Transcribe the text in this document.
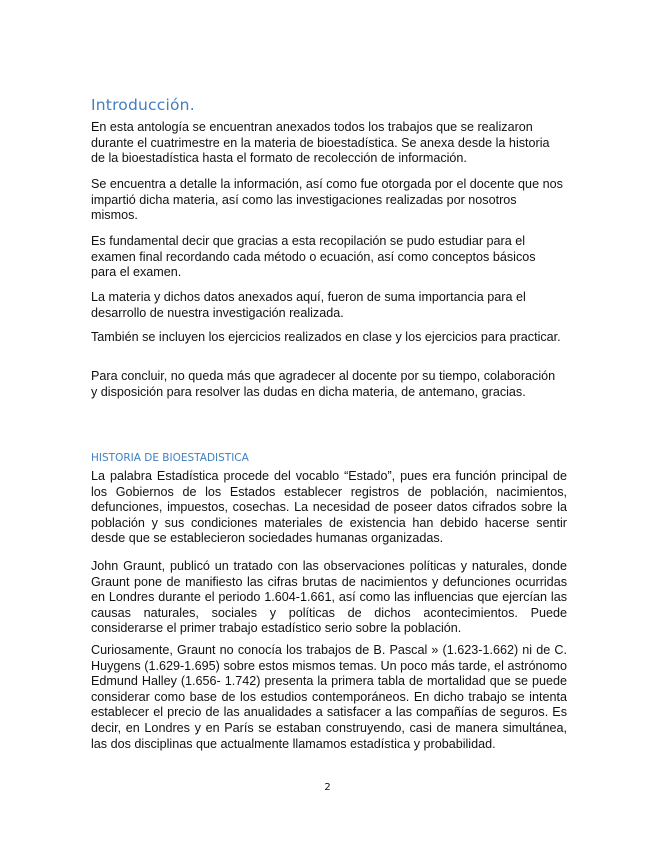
Introducción.

En esta antología se encuentran anexados todos los trabajos que se realizaron durante el cuatrimestre en la materia de bioestadística. Se anexa desde la historia de la bioestadística hasta el formato de recolección de información.

Se encuentra a detalle la información, así como fue otorgada por el docente que nos impartió dicha materia, así como las investigaciones realizadas por nosotros mismos.

Es fundamental decir que gracias a esta recopilación se pudo estudiar para el examen final recordando cada método o ecuación, así como conceptos básicos para el examen.

La materia y dichos datos anexados aquí, fueron de suma importancia para el desarrollo de nuestra investigación realizada.

También se incluyen los ejercicios realizados en clase y los ejercicios para practicar.

Para concluir, no queda más que agradecer al docente por su tiempo, colaboración y disposición para resolver las dudas en dicha materia, de antemano, gracias.

HISTORIA DE BIOESTADISTICA

La palabra Estadística procede del vocablo “Estado”, pues era función principal de los Gobiernos de los Estados establecer registros de población, nacimientos, defunciones, impuestos, cosechas. La necesidad de poseer datos cifrados sobre la población y sus condiciones materiales de existencia han debido hacerse sentir desde que se establecieron sociedades humanas organizadas.

John Graunt, publicó un tratado con las observaciones políticas y naturales, donde Graunt pone de manifiesto las cifras brutas de nacimientos y defunciones ocurridas en Londres durante el periodo 1.604-1.661, así como las influencias que ejercían las causas naturales, sociales y políticas de dichos acontecimientos. Puede considerarse el primer trabajo estadístico serio sobre la población.

Curiosamente, Graunt no conocía los trabajos de B. Pascal » (1.623-1.662) ni de C. Huygens (1.629-1.695) sobre estos mismos temas. Un poco más tarde, el astrónomo Edmund Halley (1.656- 1.742) presenta la primera tabla de mortalidad que se puede considerar como base de los estudios contemporáneos. En dicho trabajo se intenta establecer el precio de las anualidades a satisfacer a las compañías de seguros. Es decir, en Londres y en París se estaban construyendo, casi de manera simultánea, las dos disciplinas que actualmente llamamos estadística y probabilidad.

2
